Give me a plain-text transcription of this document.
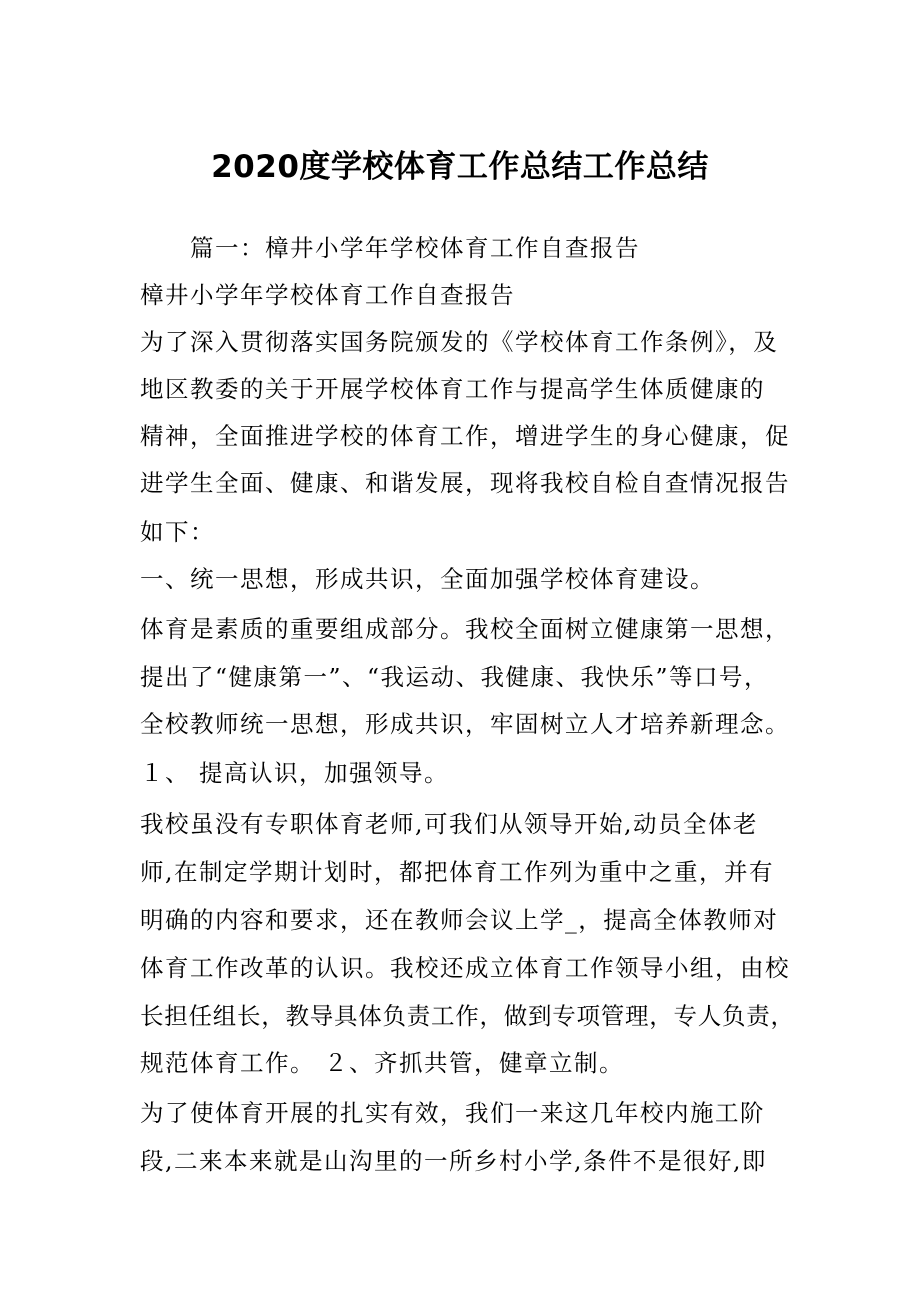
2020度学校体育工作总结工作总结
　　篇一：樟井小学年学校体育工作自查报告
樟井小学年学校体育工作自查报告
为了深入贯彻落实国务院颁发的《学校体育工作条例》，及
地区教委的关于开展学校体育工作与提高学生体质健康的
精神，全面推进学校的体育工作，增进学生的身心健康，促
进学生全面、健康、和谐发展，现将我校自检自查情况报告
如下：
一、统一思想，形成共识，全面加强学校体育建设。
体育是素质的重要组成部分。我校全面树立健康第一思想，
提出了“健康第一”、“我运动、我健康、我快乐”等口号，
全校教师统一思想，形成共识，牢固树立人才培养新理念。
１、 提高认识，加强领导。
我校虽没有专职体育老师,可我们从领导开始,动员全体老
师,在制定学期计划时，都把体育工作列为重中之重，并有
明确的内容和要求，还在教师会议上学_，提高全体教师对
体育工作改革的认识。我校还成立体育工作领导小组，由校
长担任组长，教导具体负责工作，做到专项管理，专人负责，
规范体育工作。 ２、齐抓共管，健章立制。
为了使体育开展的扎实有效，我们一来这几年校内施工阶
段,二来本来就是山沟里的一所乡村小学,条件不是很好,即
